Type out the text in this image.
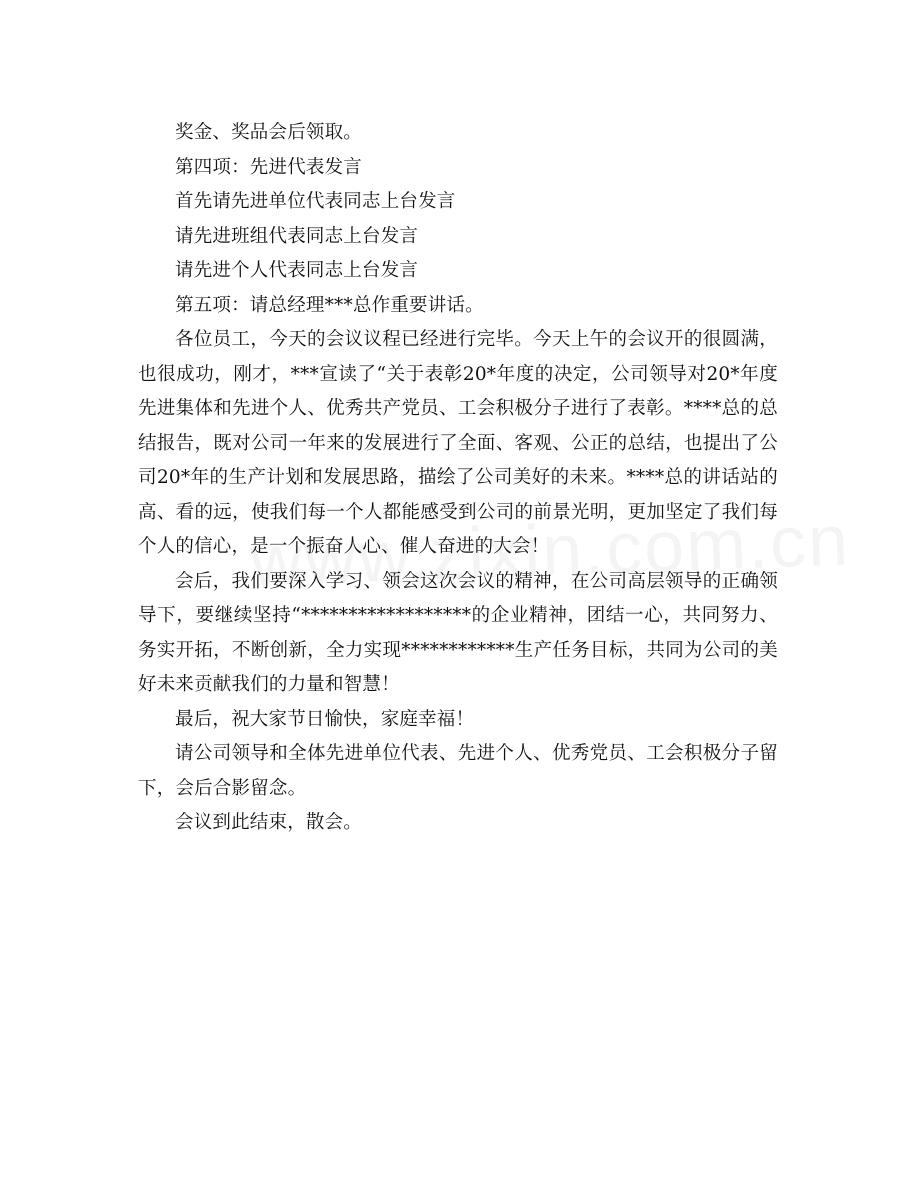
奖金、奖品会后领取。

第四项：先进代表发言

首先请先进单位代表同志上台发言

请先进班组代表同志上台发言

请先进个人代表同志上台发言

第五项：请总经理***总作重要讲话。

各位员工，今天的会议议程已经进行完毕。今天上午的会议开的很圆满，也很成功，刚才，***宣读了“关于表彰20*年度的决定，公司领导对20*年度先进集体和先进个人、优秀共产党员、工会积极分子进行了表彰。****总的总结报告，既对公司一年来的发展进行了全面、客观、公正的总结，也提出了公司20*年的生产计划和发展思路，描绘了公司美好的未来。****总的讲话站的高、看的远，使我们每一个人都能感受到公司的前景光明，更加坚定了我们每个人的信心，是一个振奋人心、催人奋进的大会！

会后，我们要深入学习、领会这次会议的精神，在公司高层领导的正确领导下，要继续坚持“******************的企业精神，团结一心，共同努力、务实开拓，不断创新，全力实现************生产任务目标，共同为公司的美好未来贡献我们的力量和智慧！

最后，祝大家节日愉快，家庭幸福！

请公司领导和全体先进单位代表、先进个人、优秀党员、工会积极分子留下，会后合影留念。

会议到此结束，散会。
